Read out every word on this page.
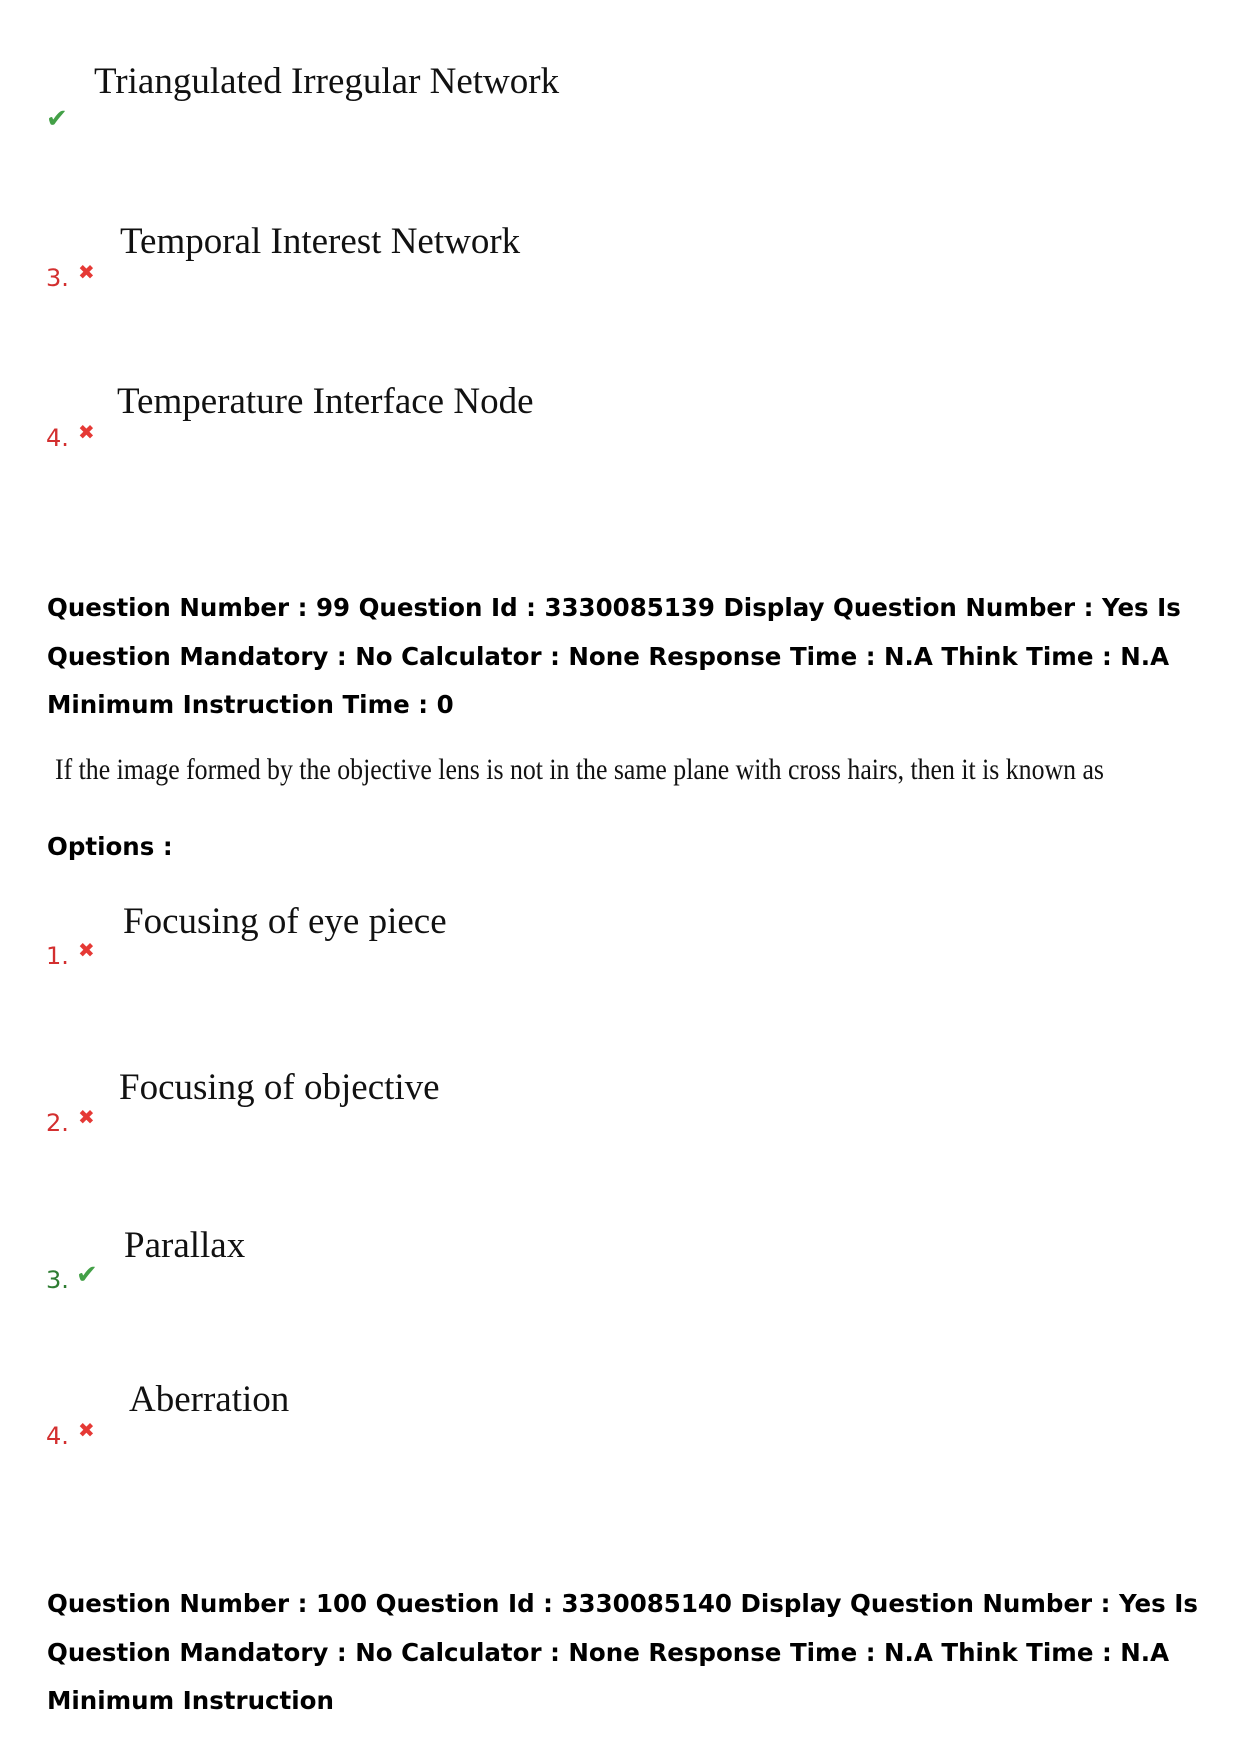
✔
Triangulated Irregular Network
3. ✖
Temporal Interest Network
4. ✖
Temperature Interface Node
Question Number : 99 Question Id : 3330085139 Display Question Number : Yes Is Question Mandatory : No Calculator : None Response Time : N.A Think Time : N.A Minimum Instruction Time : 0
If the image formed by the objective lens is not in the same plane with cross hairs, then it is known as
Options :
1. ✖
Focusing of eye piece
2. ✖
Focusing of objective
3. ✔
Parallax
4. ✖
Aberration
Question Number : 100 Question Id : 3330085140 Display Question Number : Yes Is Question Mandatory : No Calculator : None Response Time : N.A Think Time : N.A Minimum Instruction
